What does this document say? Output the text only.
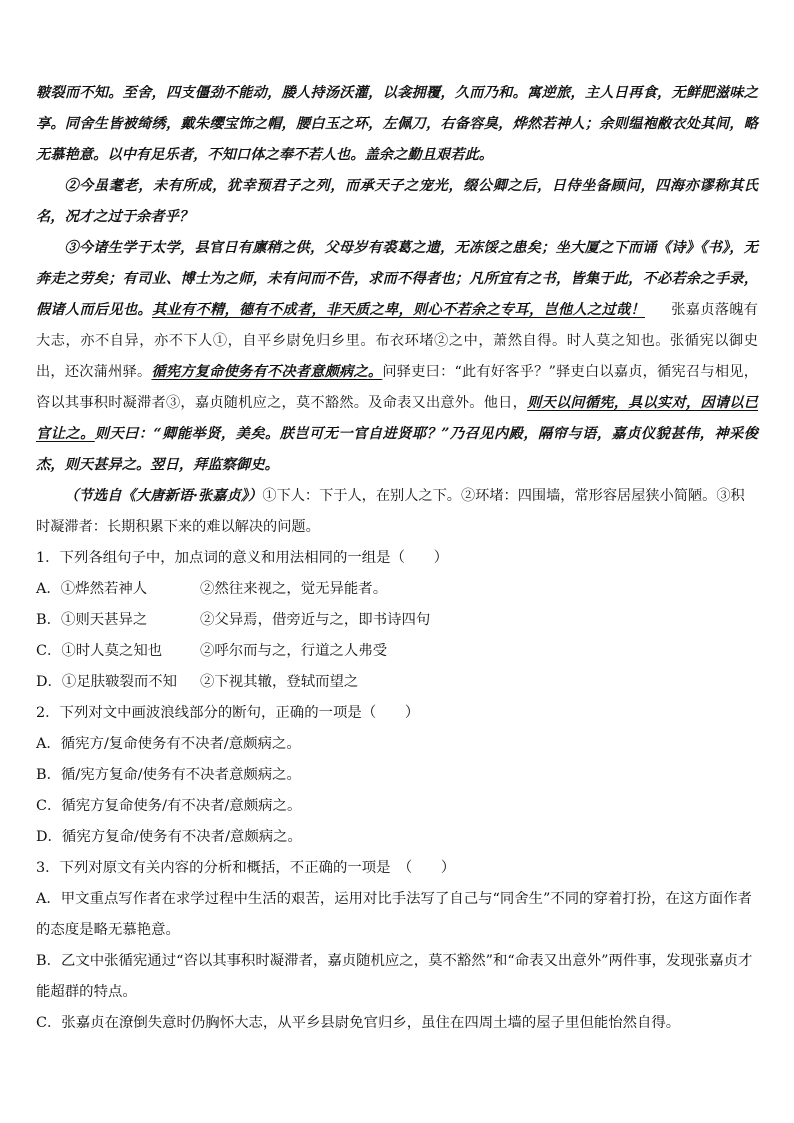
皲裂而不知。至舍，四支僵劲不能动，媵人持汤沃灌，以衾拥覆，久而乃和。寓逆旅，主人日再食，无鲜肥滋味之享。同舍生皆被绮绣，戴朱缨宝饰之帽，腰白玉之环，左佩刀，右备容臭，烨然若神人；余则缊袍敝衣处其间，略无慕艳意。以中有足乐者，不知口体之奉不若人也。盖余之勤且艰若此。

②今虽耄老，未有所成，犹幸预君子之列，而承天子之宠光，缀公卿之后，日侍坐备顾问，四海亦谬称其氏名，况才之过于余者乎？

③今诸生学于太学，县官日有廪稍之供，父母岁有裘葛之遗，无冻馁之患矣；坐大厦之下而诵《诗》《书》，无奔走之劳矣；有司业、博士为之师，未有问而不告，求而不得者也；凡所宜有之书，皆集于此，不必若余之手录，假诸人而后见也。其业有不精，德有不成者，非天质之卑，则心不若余之专耳，岂他人之过哉！ 张嘉贞落魄有大志，亦不自异，亦不下人①，自平乡尉免归乡里。布衣环堵②之中，萧然自得。时人莫之知也。张循宪以御史出，还次蒲州驿。循宪方复命使务有不决者意颇病之。问驿吏曰：“此有好客乎？”驿吏白以嘉贞，循宪召与相见，咨以其事积时凝滞者③，嘉贞随机应之，莫不豁然。及命表又出意外。他日，则天以问循宪，具以实对，因请以已官让之。则天曰：“卿能举贤，美矣。朕岂可无一官自进贤耶？”乃召见内殿，隔帘与语，嘉贞仪貌甚伟，神采俊杰，则天甚异之。翌日，拜监察御史。

（节选自《大唐新语·张嘉贞》）①下人：下于人，在别人之下。②环堵：四围墙，常形容居屋狭小简陋。③积时凝滞者：长期积累下来的难以解决的问题。

1．下列各组句子中，加点词的意义和用法相同的一组是（　　）

A．①烨然若神人	②然往来视之，觉无异能者。

B．①则天甚异之	②父异焉，借旁近与之，即书诗四句

C．①时人莫之知也	②呼尔而与之，行道之人弗受

D．①足肤皲裂而不知 ②下视其辙，登轼而望之

2．下列对文中画波浪线部分的断句，正确的一项是（　　）

A．循宪方/复命使务有不决者/意颇病之。

B．循/宪方复命/使务有不决者意颇病之。

C．循宪方复命使务/有不决者/意颇病之。

D．循宪方复命/使务有不决者/意颇病之。

3．下列对原文有关内容的分析和概括，不正确的一项是　（　　）

A．甲文重点写作者在求学过程中生活的艰苦，运用对比手法写了自己与“同舍生”不同的穿着打扮，在这方面作者的态度是略无慕艳意。

B．乙文中张循宪通过“咨以其事积时凝滞者，嘉贞随机应之，莫不豁然”和“命表又出意外”两件事，发现张嘉贞才能超群的特点。

C．张嘉贞在潦倒失意时仍胸怀大志，从平乡县尉免官归乡，虽住在四周土墙的屋子里但能怡然自得。
